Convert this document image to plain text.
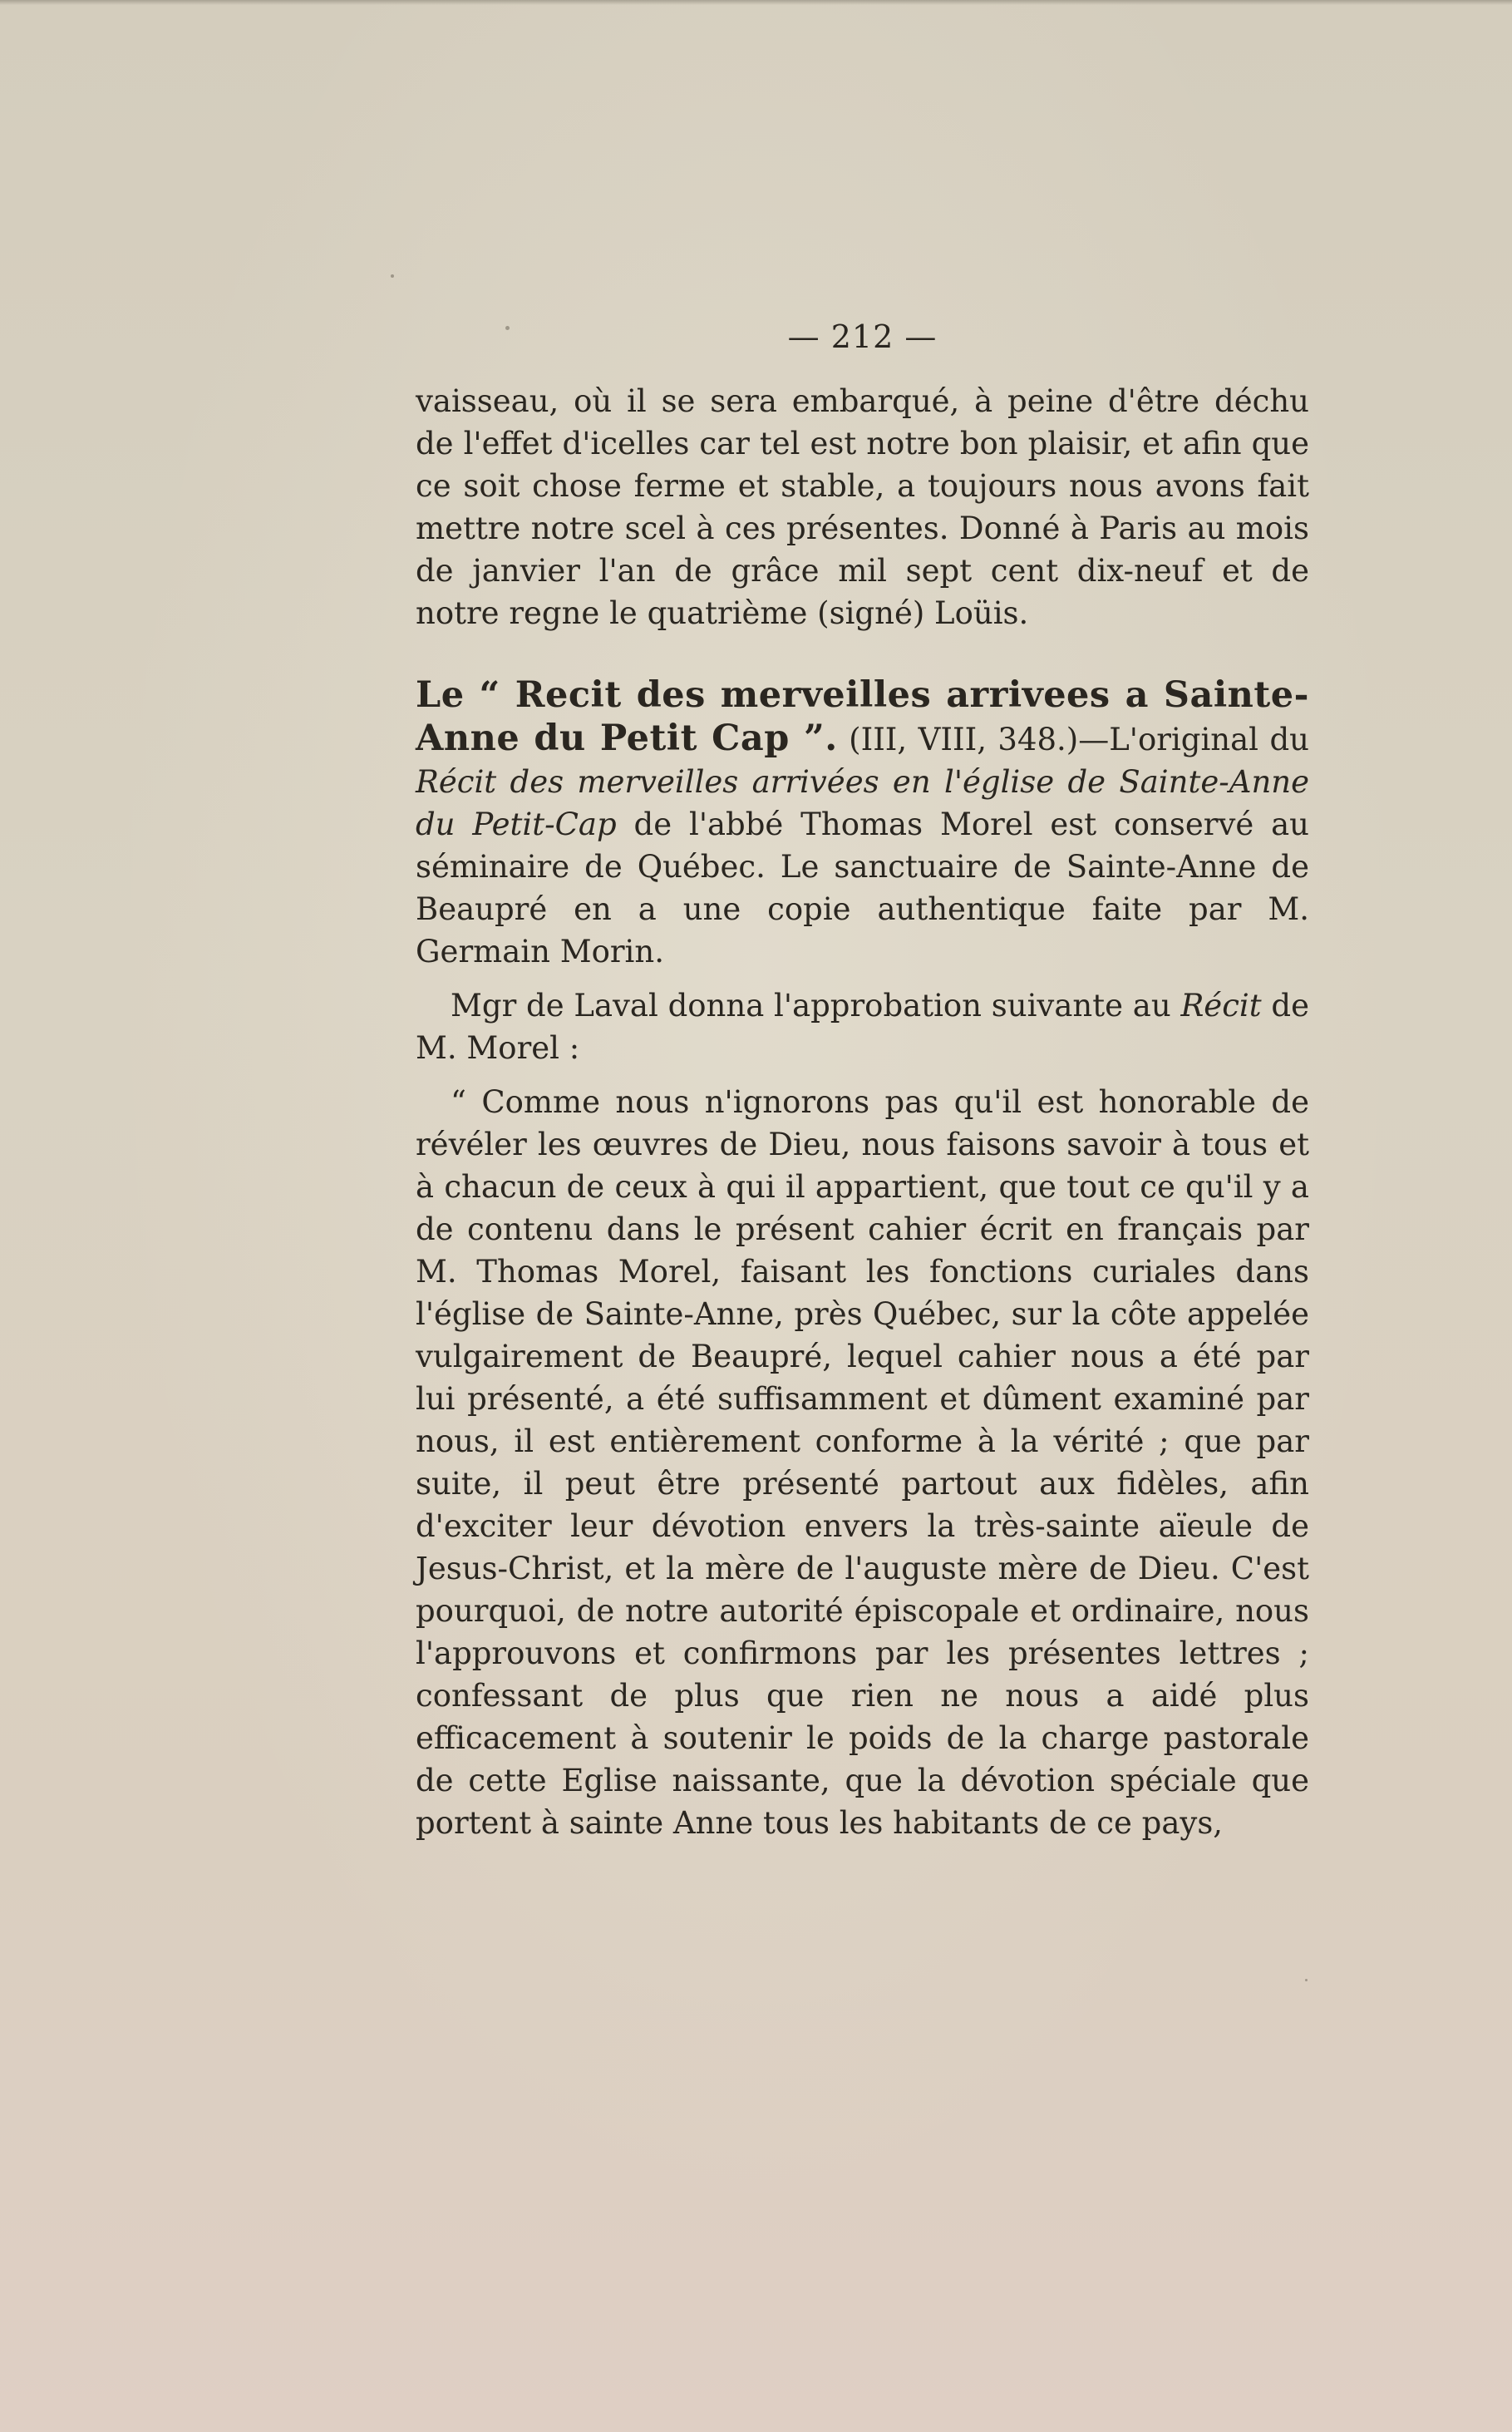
— 212 —

vaisseau, où il se sera embarqué, à peine d'être déchu de l'effet d'icelles car tel est notre bon plaisir, et afin que ce soit chose ferme et stable, a toujours nous avons fait mettre notre scel à ces présentes. Donné à Paris au mois de janvier l'an de grâce mil sept cent dix-neuf et de notre regne le quatrième (signé) Loüis.

Le “ Recit des merveilles arrivees a Sainte-Anne du Petit Cap ”. (III, VIII, 348.)—L'original du Récit des merveilles arrivées en l'église de Sainte-Anne du Petit-Cap de l'abbé Thomas Morel est conservé au séminaire de Québec. Le sanctuaire de Sainte-Anne de Beaupré en a une copie authentique faite par M. Germain Morin.

Mgr de Laval donna l'approbation suivante au Récit de M. Morel :

“ Comme nous n'ignorons pas qu'il est honorable de révéler les œuvres de Dieu, nous faisons savoir à tous et à chacun de ceux à qui il appartient, que tout ce qu'il y a de contenu dans le présent cahier écrit en français par M. Thomas Morel, faisant les fonctions curiales dans l'église de Sainte-Anne, près Québec, sur la côte appelée vulgairement de Beaupré, lequel cahier nous a été par lui présenté, a été suffisamment et dûment examiné par nous, il est entièrement conforme à la vérité ; que par suite, il peut être présenté partout aux fidèles, afin d'exciter leur dévotion envers la très-sainte aïeule de Jesus-Christ, et la mère de l'auguste mère de Dieu. C'est pourquoi, de notre autorité épiscopale et ordinaire, nous l'approuvons et confirmons par les présentes lettres ; confessant de plus que rien ne nous a aidé plus efficacement à soutenir le poids de la charge pastorale de cette Eglise naissante, que la dévotion spéciale que portent à sainte Anne tous les habitants de ce pays,
